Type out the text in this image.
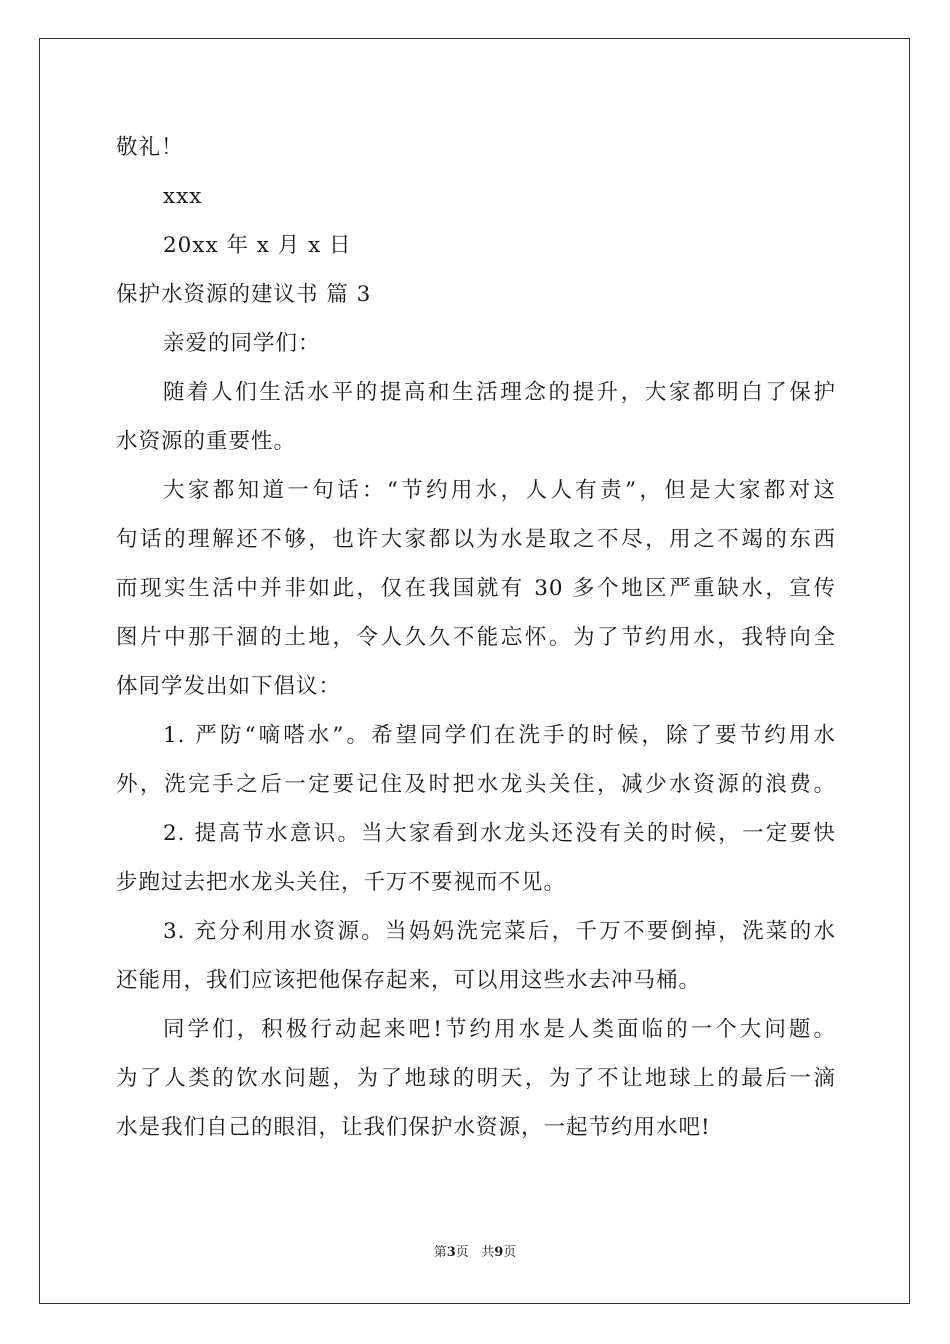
敬礼！
xxx
20xx 年 x 月 x 日
保护水资源的建议书 篇 3
亲爱的同学们：
随着人们生活水平的提高和生活理念的提升，大家都明白了保护
水资源的重要性。
大家都知道一句话：“节约用水，人人有责”，但是大家都对这
句话的理解还不够，也许大家都以为水是取之不尽，用之不竭的东西
而现实生活中并非如此，仅在我国就有 30 多个地区严重缺水，宣传
图片中那干涸的土地，令人久久不能忘怀。为了节约用水，我特向全
体同学发出如下倡议：
1. 严防“嘀嗒水”。希望同学们在洗手的时候，除了要节约用水
外，洗完手之后一定要记住及时把水龙头关住，减少水资源的浪费。
2. 提高节水意识。当大家看到水龙头还没有关的时候，一定要快
步跑过去把水龙头关住，千万不要视而不见。
3. 充分利用水资源。当妈妈洗完菜后，千万不要倒掉，洗菜的水
还能用，我们应该把他保存起来，可以用这些水去冲马桶。
同学们，积极行动起来吧!节约用水是人类面临的一个大问题。
为了人类的饮水问题，为了地球的明天，为了不让地球上的最后一滴
水是我们自己的眼泪，让我们保护水资源，一起节约用水吧!
第3页 共9页
